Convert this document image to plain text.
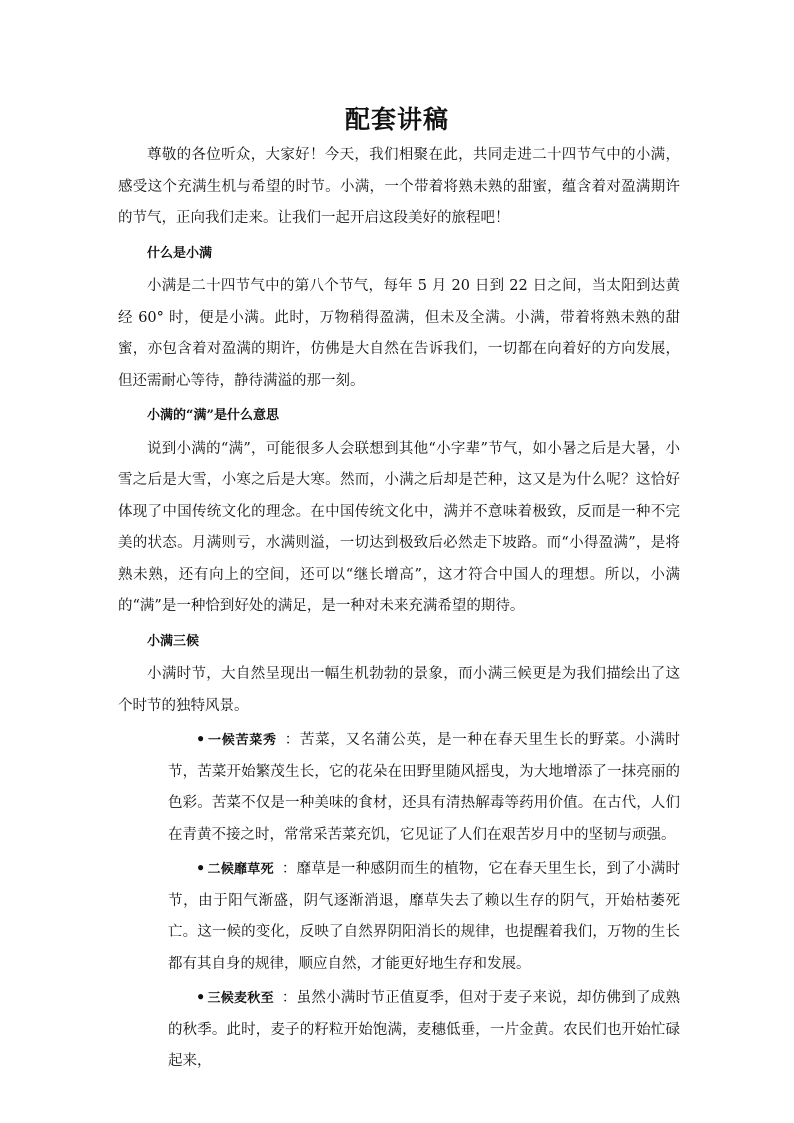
配套讲稿

尊敬的各位听众，大家好！今天，我们相聚在此，共同走进二十四节气中的小满，感受这个充满生机与希望的时节。小满，一个带着将熟未熟的甜蜜，蕴含着对盈满期许的节气，正向我们走来。让我们一起开启这段美好的旅程吧！

什么是小满

小满是二十四节气中的第八个节气，每年 5 月 20 日到 22 日之间，当太阳到达黄经 60° 时，便是小满。此时，万物稍得盈满，但未及全满。小满，带着将熟未熟的甜蜜，亦包含着对盈满的期许，仿佛是大自然在告诉我们，一切都在向着好的方向发展，但还需耐心等待，静待满溢的那一刻。

小满的“满”是什么意思

说到小满的“满”，可能很多人会联想到其他“小字辈”节气，如小暑之后是大暑，小雪之后是大雪，小寒之后是大寒。然而，小满之后却是芒种，这又是为什么呢？这恰好体现了中国传统文化的理念。在中国传统文化中，满并不意味着极致，反而是一种不完美的状态。月满则亏，水满则溢，一切达到极致后必然走下坡路。而“小得盈满”，是将熟未熟，还有向上的空间，还可以“继长增高”，这才符合中国人的理想。所以，小满的“满”是一种恰到好处的满足，是一种对未来充满希望的期待。

小满三候

小满时节，大自然呈现出一幅生机勃勃的景象，而小满三候更是为我们描绘出了这个时节的独特风景。

• 一候苦菜秀 ：苦菜，又名蒲公英，是一种在春天里生长的野菜。小满时节，苦菜开始繁茂生长，它的花朵在田野里随风摇曳，为大地增添了一抹亮丽的色彩。苦菜不仅是一种美味的食材，还具有清热解毒等药用价值。在古代，人们在青黄不接之时，常常采苦菜充饥，它见证了人们在艰苦岁月中的坚韧与顽强。

• 二候靡草死 ：靡草是一种感阴而生的植物，它在春天里生长，到了小满时节，由于阳气渐盛，阴气逐渐消退，靡草失去了赖以生存的阴气，开始枯萎死亡。这一候的变化，反映了自然界阴阳消长的规律，也提醒着我们，万物的生长都有其自身的规律，顺应自然，才能更好地生存和发展。

• 三候麦秋至 ：虽然小满时节正值夏季，但对于麦子来说，却仿佛到了成熟的秋季。此时，麦子的籽粒开始饱满，麦穗低垂，一片金黄。农民们也开始忙碌起来，
